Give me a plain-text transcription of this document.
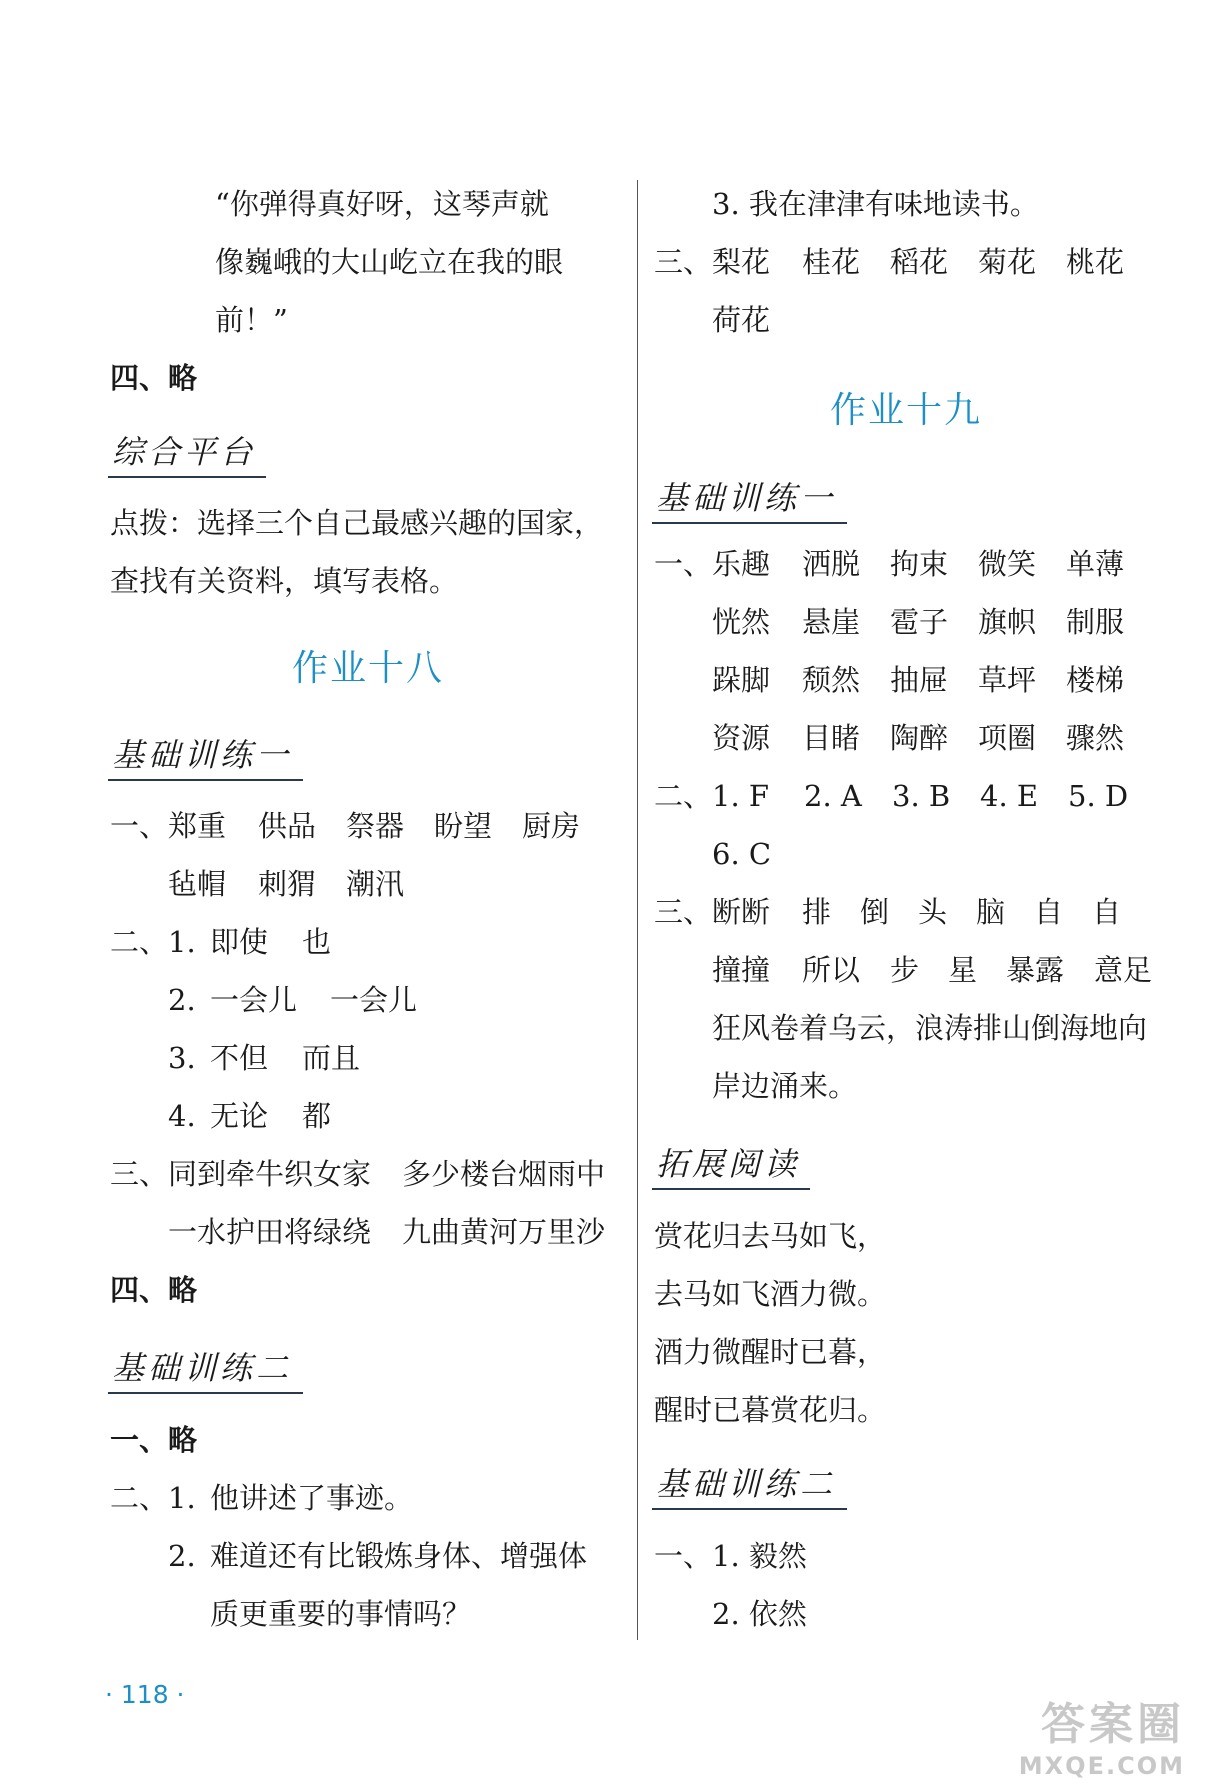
“你弹得真好呀，这琴声就
像巍峨的大山屹立在我的眼
前！”
四、略
综合平台
点拨：选择三个自己最感兴趣的国家，
查找有关资料，填写表格。
作业十八
基础训练一
一、郑重 供品 祭器 盼望 厨房
毡帽 刺猬 潮汛
二、1. 即使 也
2. 一会儿 一会儿
3. 不但 而且
4. 无论 都
三、同到牵牛织女家 多少楼台烟雨中
一水护田将绿绕 九曲黄河万里沙
四、略
基础训练二
一、略
二、1. 他讲述了事迹。
2. 难道还有比锻炼身体、增强体
质更重要的事情吗？
3. 我在津津有味地读书。
三、梨花 桂花 稻花 菊花 桃花
荷花
作业十九
基础训练一
一、乐趣 洒脱 拘束 微笑 单薄
恍然 悬崖 雹子 旗帜 制服
跺脚 颓然 抽屉 草坪 楼梯
资源 目睹 陶醉 项圈 骤然
二、1. F 2. A 3. B 4. E 5. D
6. C
三、断断 排 倒 头 脑 自 自
撞撞 所以 步 星 暴露 意足
狂风卷着乌云，浪涛排山倒海地向
岸边涌来。
拓展阅读
赏花归去马如飞，
去马如飞酒力微。
酒力微醒时已暮，
醒时已暮赏花归。
基础训练二
一、1. 毅然
2. 依然
· 118 ·
答案圈
MXQE.COM
